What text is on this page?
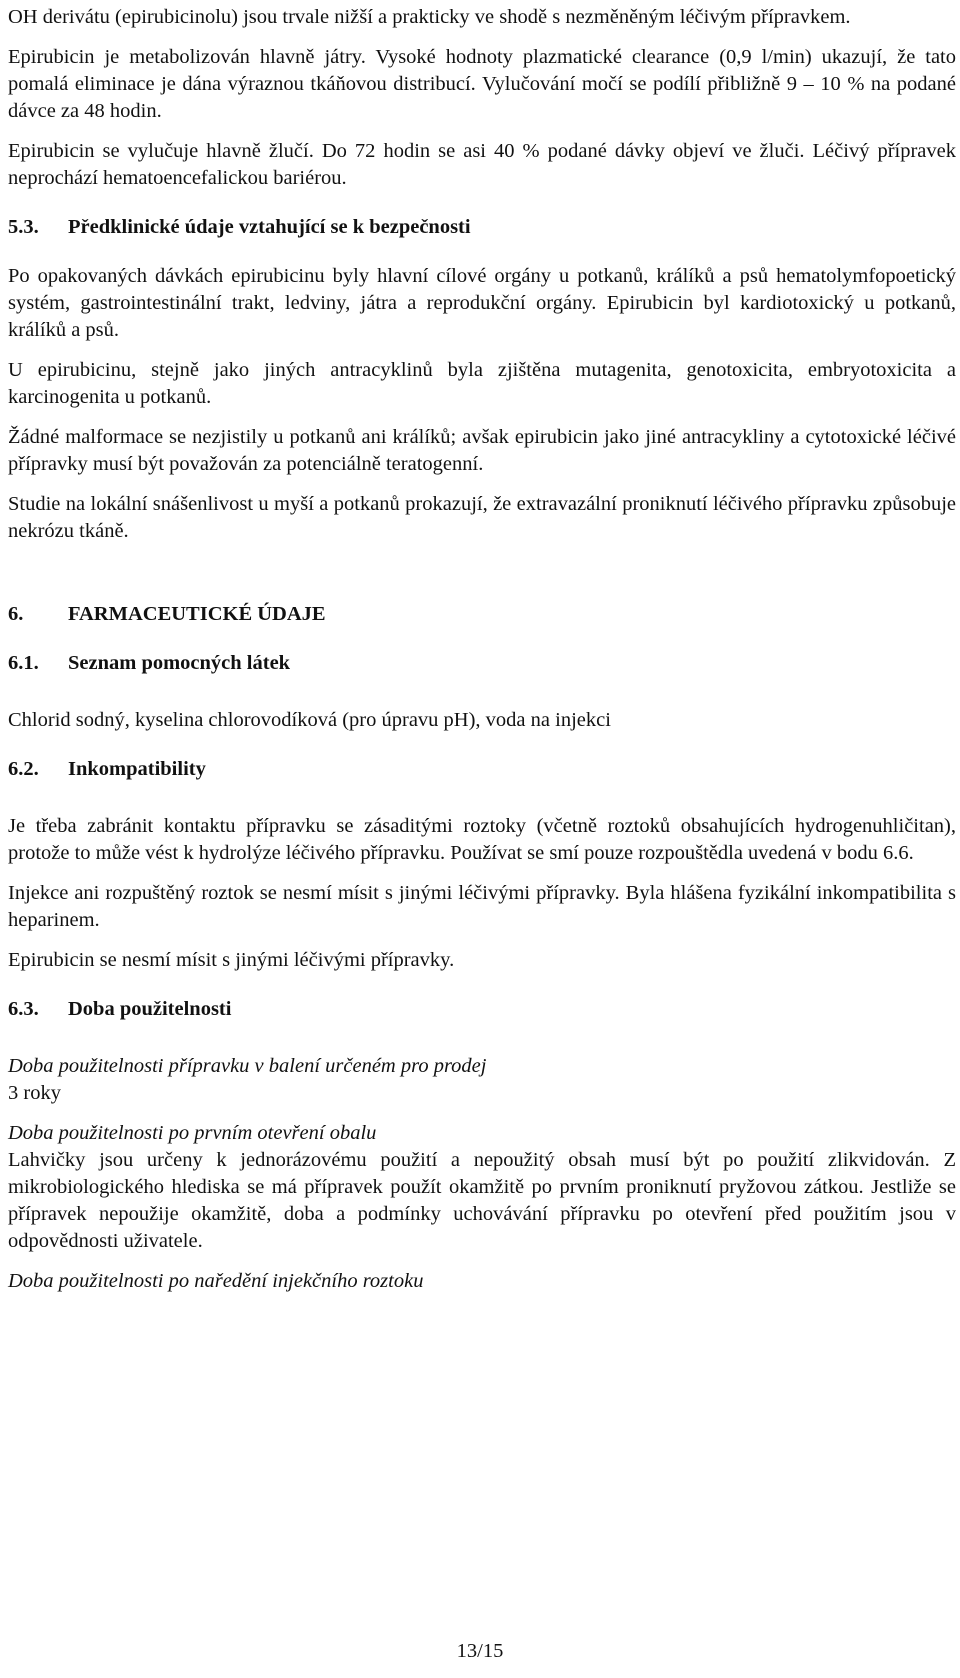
OH derivátu (epirubicinolu) jsou trvale nižší a prakticky ve shodě s nezměněným léčivým přípravkem.

Epirubicin je metabolizován hlavně játry. Vysoké hodnoty plazmatické clearance (0,9 l/min) ukazují, že tato pomalá eliminace je dána výraznou tkáňovou distribucí. Vylučování močí se podílí přibližně 9 – 10 % na podané dávce za 48 hodin.

Epirubicin se vylučuje hlavně žlučí. Do 72 hodin se asi 40 % podané dávky objeví ve žluči. Léčivý přípravek neprochází hematoencefalickou bariérou.

5.3.	Předklinické údaje vztahující se k bezpečnosti

Po opakovaných dávkách epirubicinu byly hlavní cílové orgány u potkanů, králíků a psů hematolymfopoetický systém, gastrointestinální trakt, ledviny, játra a reprodukční orgány. Epirubicin byl kardiotoxický u potkanů, králíků a psů.

U epirubicinu, stejně jako jiných antracyklinů byla zjištěna mutagenita, genotoxicita, embryotoxicita a karcinogenita u potkanů.

Žádné malformace se nezjistily u potkanů ani králíků; avšak epirubicin jako jiné antracykliny a cytotoxické léčivé přípravky musí být považován za potenciálně teratogenní.

Studie na lokální snášenlivost u myší a potkanů prokazují, že extravazální proniknutí léčivého přípravku způsobuje nekrózu tkáně.

6.	FARMACEUTICKÉ ÚDAJE
6.1.	Seznam pomocných látek

Chlorid sodný, kyselina chlorovodíková (pro úpravu pH), voda na injekci

6.2.	Inkompatibility

Je třeba zabránit kontaktu přípravku se zásaditými roztoky (včetně roztoků obsahujících hydrogenuhličitan), protože to může vést k hydrolýze léčivého přípravku. Používat se smí pouze rozpouštědla uvedená v bodu 6.6.

Injekce ani rozpuštěný roztok se nesmí mísit s jinými léčivými přípravky. Byla hlášena fyzikální inkompatibilita s heparinem.

Epirubicin se nesmí mísit s jinými léčivými přípravky.

6.3.	Doba použitelnosti

Doba použitelnosti přípravku v balení určeném pro prodej

3 roky

Doba použitelnosti po prvním otevření obalu

Lahvičky jsou určeny k jednorázovému použití a nepoužitý obsah musí být po použití zlikvidován. Z mikrobiologického hlediska se má přípravek použít okamžitě po prvním proniknutí pryžovou zátkou. Jestliže se přípravek nepoužije okamžitě, doba a podmínky uchovávání přípravku po otevření před použitím jsou v odpovědnosti uživatele.

Doba použitelnosti po naředění injekčního roztoku

13/15
